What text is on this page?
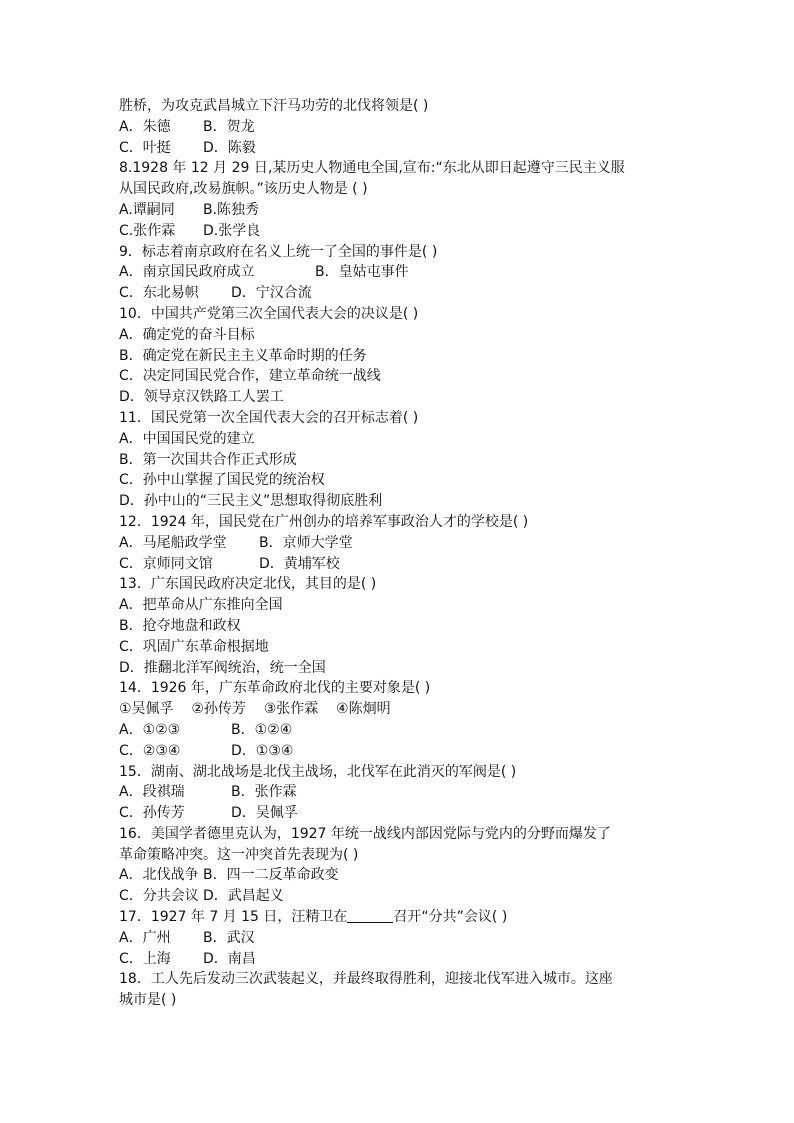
胜桥，为攻克武昌城立下汗马功劳的北伐将领是( )
A．朱德 B．贺龙
C．叶挺 D．陈毅
8.1928 年 12 月 29 日,某历史人物通电全国,宣布:“东北从即日起遵守三民主义服
从国民政府,改易旗帜。”该历史人物是 ( )
A.谭嗣同 B.陈独秀
C.张作霖 D.张学良
9．标志着南京政府在名义上统一了全国的事件是( )
A．南京国民政府成立	B．皇姑屯事件
C．东北易帜 D．宁汉合流
10．中国共产党第三次全国代表大会的决议是( )
A．确定党的奋斗目标
B．确定党在新民主主义革命时期的任务
C．决定同国民党合作，建立革命统一战线
D．领导京汉铁路工人罢工
11．国民党第一次全国代表大会的召开标志着( )
A．中国国民党的建立
B．第一次国共合作正式形成
C．孙中山掌握了国民党的统治权
D．孙中山的“三民主义”思想取得彻底胜利
12．1924 年，国民党在广州创办的培养军事政治人才的学校是( )
A．马尾船政学堂 B．京师大学堂
C．京师同文馆	D．黄埔军校
13．广东国民政府决定北伐，其目的是( )
A．把革命从广东推向全国
B．抢夺地盘和政权
C．巩固广东革命根据地
D．推翻北洋军阀统治，统一全国
14．1926 年，广东革命政府北伐的主要对象是( )
①吴佩孚    ②孙传芳    ③张作霖    ④陈炯明
A．①②③	B．①②④
C．②③④	D．①③④
15．湖南、湖北战场是北伐主战场，北伐军在此消灭的军阀是( )
A．段祺瑞	B．张作霖
C．孙传芳	D．吴佩孚
16．美国学者德里克认为，1927 年统一战线内部因党际与党内的分野而爆发了
革命策略冲突。这一冲突首先表现为( )
A．北伐战争 B．四一二反革命政变
C．分共会议 D．武昌起义
17．1927 年 7 月 15 日，汪精卫在	召开“分共”会议( )
A．广州 B．武汉
C．上海 D．南昌
18．工人先后发动三次武装起义，并最终取得胜利，迎接北伐军进入城市。这座
城市是( )
